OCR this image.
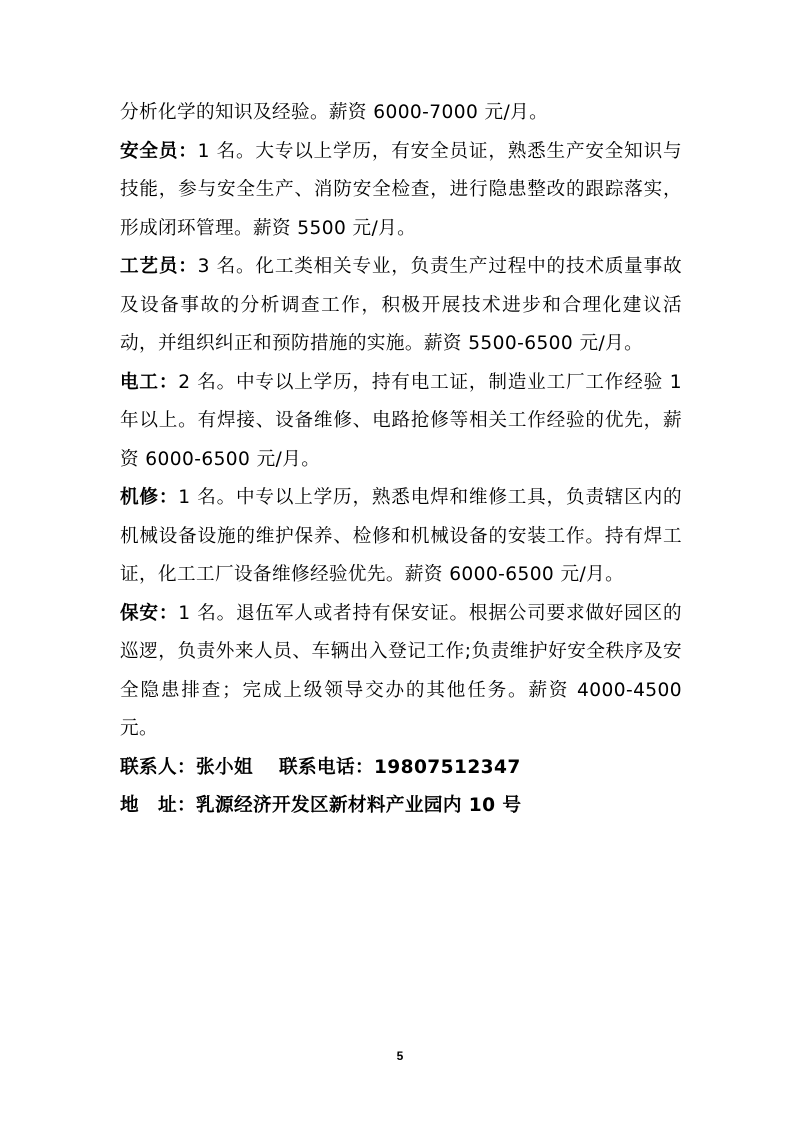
分析化学的知识及经验。薪资 6000-7000 元/月。

安全员：1 名。大专以上学历，有安全员证，熟悉生产安全知识与技能，参与安全生产、消防安全检查，进行隐患整改的跟踪落实，形成闭环管理。薪资 5500 元/月。

工艺员：3 名。化工类相关专业，负责生产过程中的技术质量事故及设备事故的分析调查工作，积极开展技术进步和合理化建议活动，并组织纠正和预防措施的实施。薪资 5500-6500 元/月。

电工：2 名。中专以上学历，持有电工证，制造业工厂工作经验 1 年以上。有焊接、设备维修、电路抢修等相关工作经验的优先，薪资 6000-6500 元/月。

机修：1 名。中专以上学历，熟悉电焊和维修工具，负责辖区内的机械设备设施的维护保养、检修和机械设备的安装工作。持有焊工证，化工工厂设备维修经验优先。薪资 6000-6500 元/月。

保安：1 名。退伍军人或者持有保安证。根据公司要求做好园区的巡逻，负责外来人员、车辆出入登记工作;负责维护好安全秩序及安全隐患排查；完成上级领导交办的其他任务。薪资 4000-4500 元。

联系人：张小姐 联系电话：19807512347

地　址：乳源经济开发区新材料产业园内 10 号

5
